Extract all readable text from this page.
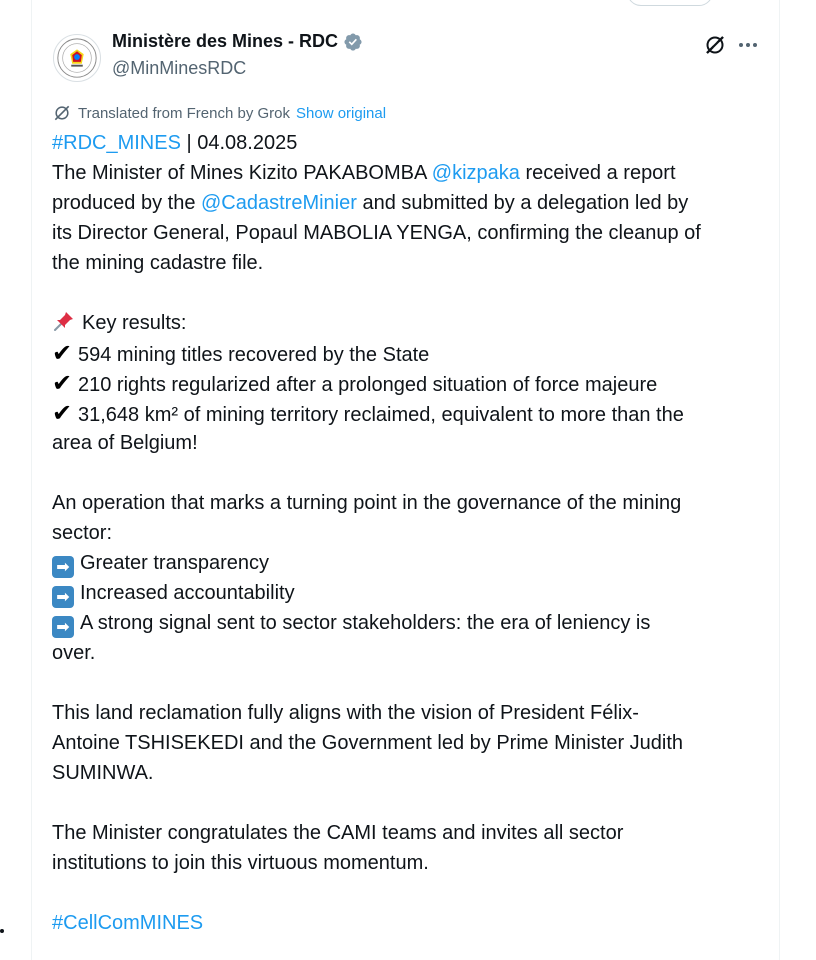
Ministère des Mines - RDC
@MinMinesRDC
Translated from French by Grok Show original
#RDC_MINES | 04.08.2025
The Minister of Mines Kizito PAKABOMBA @kizpaka received a report
produced by the @CadastreMinier and submitted by a delegation led by
its Director General, Popaul MABOLIA YENGA, confirming the cleanup of
the mining cadastre file.
Key results:
✔ 594 mining titles recovered by the State
✔ 210 rights regularized after a prolonged situation of force majeure
✔ 31,648 km² of mining territory reclaimed, equivalent to more than the
area of Belgium!
An operation that marks a turning point in the governance of the mining
sector:
➡ Greater transparency
➡ Increased accountability
➡ A strong signal sent to sector stakeholders: the era of leniency is
over.
This land reclamation fully aligns with the vision of President Félix-
Antoine TSHISEKEDI and the Government led by Prime Minister Judith
SUMINWA.
The Minister congratulates the CAMI teams and invites all sector
institutions to join this virtuous momentum.
#CellComMINES
